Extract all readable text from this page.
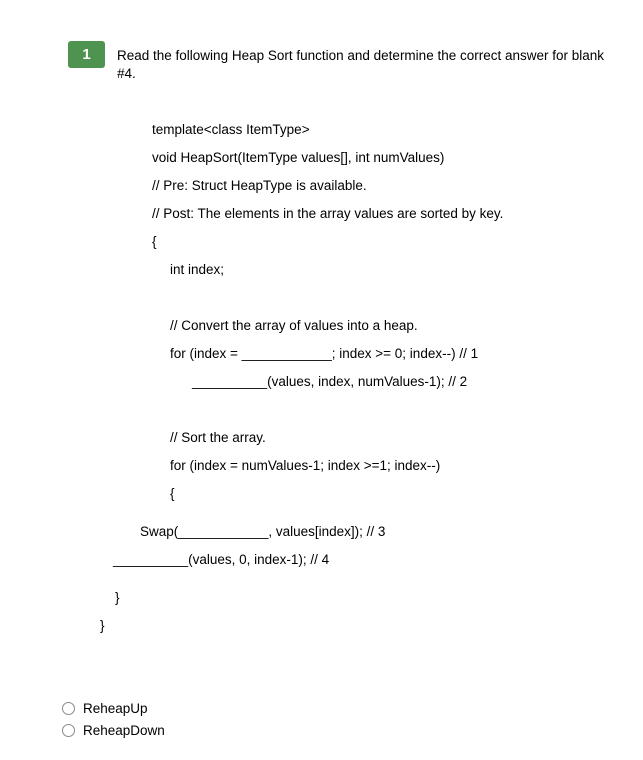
1	Read the following Heap Sort function and determine the correct answer for blank #4.
template<class ItemType>
void HeapSort(ItemType values[], int numValues)
// Pre: Struct HeapType is available.
// Post: The elements in the array values are sorted by key.
{
int index;
// Convert the array of values into a heap.
for (index = ____________; index >= 0; index--) // 1
__________(values, index, numValues-1); // 2
// Sort the array.
for (index = numValues-1; index >=1; index--)
{
Swap(____________, values[index]); // 3
__________(values, 0, index-1); // 4
}
}
ReheapUp
ReheapDown
